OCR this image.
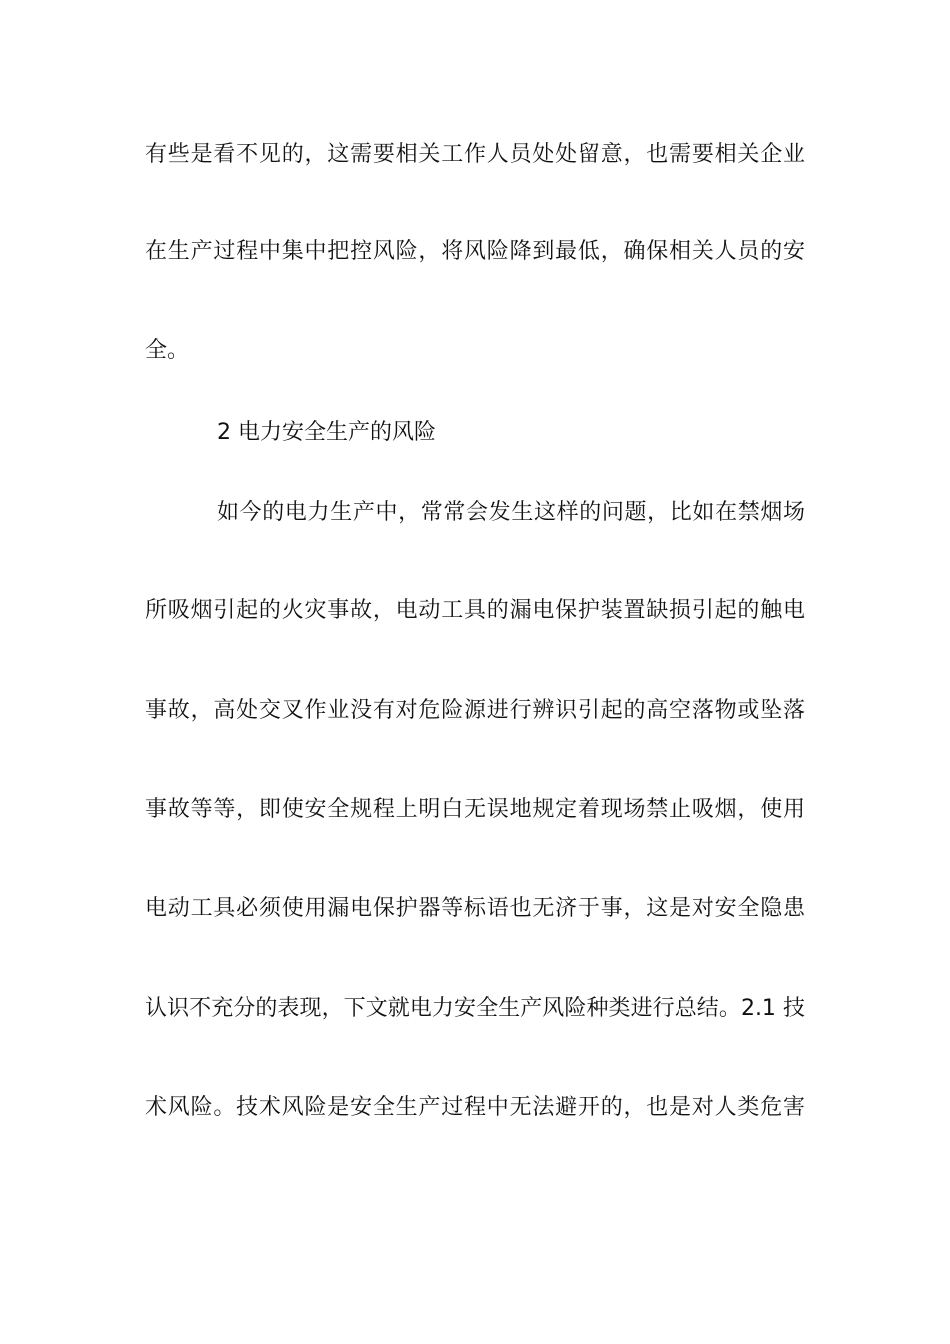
有些是看不见的，这需要相关工作人员处处留意，也需要相关企业
在生产过程中集中把控风险，将风险降到最低，确保相关人员的安
全。
2 电力安全生产的风险
如今的电力生产中，常常会发生这样的问题，比如在禁烟场
所吸烟引起的火灾事故，电动工具的漏电保护装置缺损引起的触电
事故，高处交叉作业没有对危险源进行辨识引起的高空落物或坠落
事故等等，即使安全规程上明白无误地规定着现场禁止吸烟，使用
电动工具必须使用漏电保护器等标语也无济于事，这是对安全隐患
认识不充分的表现，下文就电力安全生产风险种类进行总结。2.1 技
术风险。技术风险是安全生产过程中无法避开的，也是对人类危害
